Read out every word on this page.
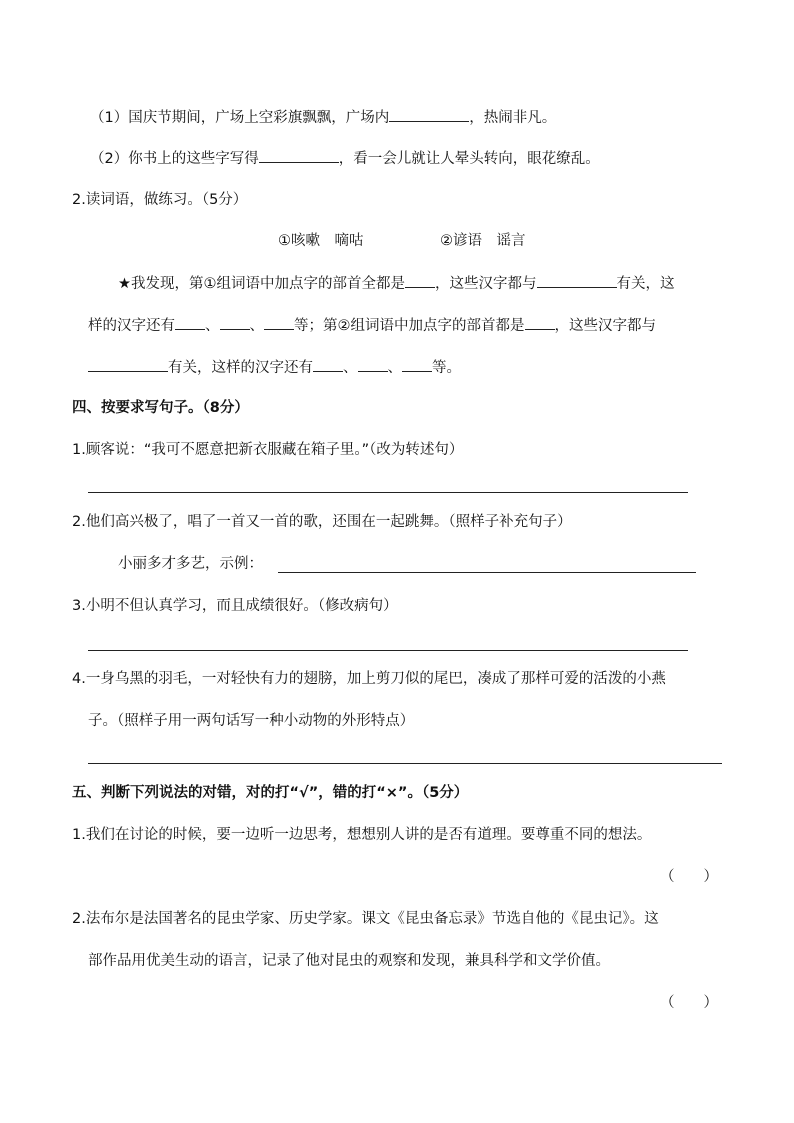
（1）国庆节期间，广场上空彩旗飘飘，广场内	，热闹非凡。
（2）你书上的这些字写得	，看一会儿就让人晕头转向，眼花缭乱。
2.读词语，做练习。（5分）
①咳嗽　嘀咕	②谚语　谣言
★我发现，第①组词语中加点字的部首全都是 ，这些汉字都与	有关，这
样的汉字还有 、 、 等；第②组词语中加点字的部首都是 ，这些汉字都与
有关，这样的汉字还有 、 、 等。
四、按要求写句子。（8分）
1.顾客说：“我可不愿意把新衣服藏在箱子里。”（改为转述句）
2.他们高兴极了，唱了一首又一首的歌，还围在一起跳舞。（照样子补充句子）
小丽多才多艺，示例：
3.小明不但认真学习，而且成绩很好。（修改病句）
4.一身乌黑的羽毛，一对轻快有力的翅膀，加上剪刀似的尾巴，凑成了那样可爱的活泼的小燕
子。（照样子用一两句话写一种小动物的外形特点）
五、判断下列说法的对错，对的打“√”，错的打“×”。（5分）
1.我们在讨论的时候，要一边听一边思考，想想别人讲的是否有道理。要尊重不同的想法。
（　　）
2.法布尔是法国著名的昆虫学家、历史学家。课文《昆虫备忘录》节选自他的《昆虫记》。这
部作品用优美生动的语言，记录了他对昆虫的观察和发现，兼具科学和文学价值。
（　　）
